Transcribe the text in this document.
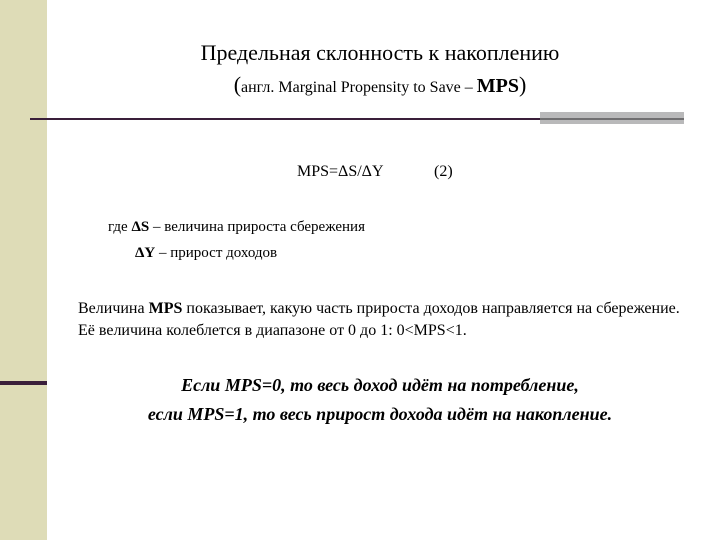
Предельная склонность к накоплению
(англ. Marginal Propensity to Save – MPS)
MPS=ΔS/ΔY	(2)
где ΔS – величина прироста сбережения
ΔY – прирост доходов
Величина MPS показывает, какую часть прироста доходов направляется на сбережение. Её величина колеблется в диапазоне от 0 до 1: 0<MPS<1.
Если MPS=0, то весь доход идёт на потребление,
если MPS=1, то весь прирост дохода идёт на накопление.
